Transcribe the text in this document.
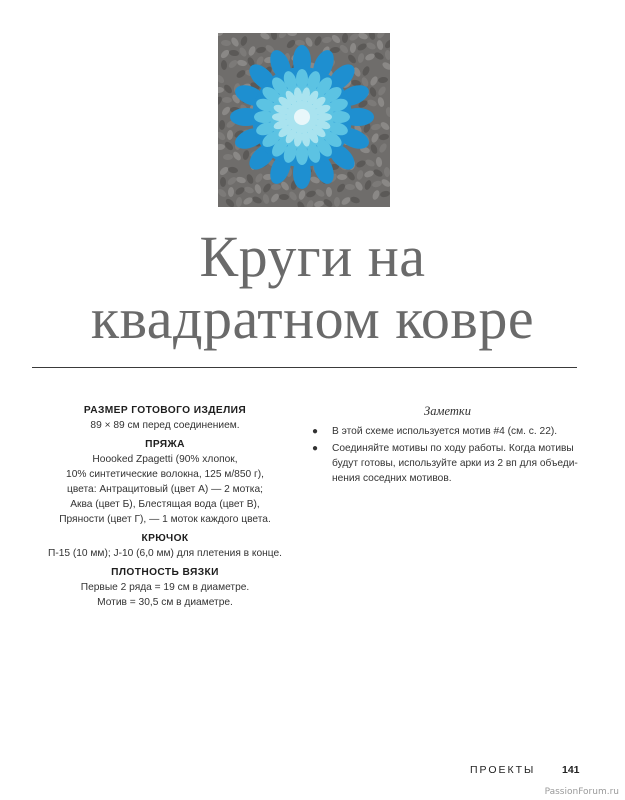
Круги на
квадратном ковре
РАЗМЕР ГОТОВОГО ИЗДЕЛИЯ
89 × 89 см перед соединением.
ПРЯЖА
Hoooked Zpagetti (90% хлопок,
10% синтетические волокна, 125 м/850 г),
цвета: Антрацитовый (цвет А) — 2 мотка;
Аква (цвет Б), Блестящая вода (цвет В),
Пряности (цвет Г), — 1 моток каждого цвета.
КРЮЧОК
П-15 (10 мм); J-10 (6,0 мм) для плетения в конце.
ПЛОТНОСТЬ ВЯЗКИ
Первые 2 ряда = 19 см в диаметре.
Мотив = 30,5 см в диаметре.
Заметки
● В этой схеме используется мотив #4 (см. с. 22).
● Соединяйте мотивы по ходу работы. Когда мотивы будут готовы, используйте арки из 2 вп для объеди-нения соседних мотивов.
ПРОЕКТЫ	141
PassionForum.ru
